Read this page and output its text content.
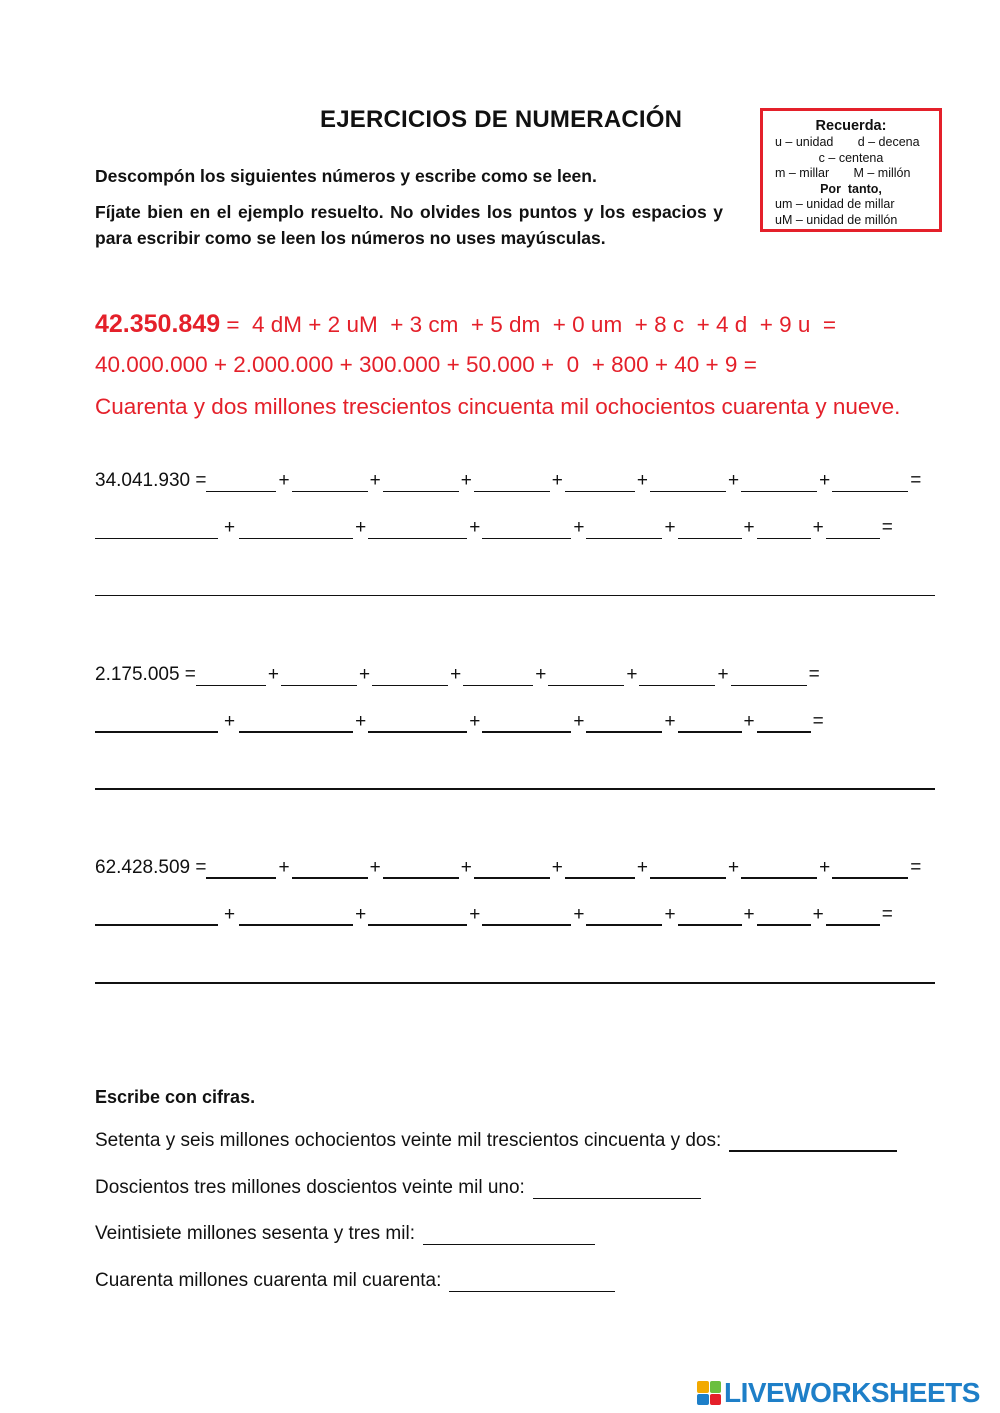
EJERCICIOS DE NUMERACIÓN
Descompón los siguientes números y escribe como se leen.
Fíjate bien en el ejemplo resuelto. No olvides los puntos y los espacios y para escribir como se leen los números no uses mayúsculas.
Recuerda:
u – unidad       d – decena
c – centena
m – millar       M – millón
Por  tanto,
um – unidad de millar
uM – unidad de millón
42.350.849 =  4 dM + 2 uM  + 3 cm  + 5 dm  + 0 um  + 8 c  + 4 d  + 9 u  =
40.000.000 + 2.000.000 + 300.000 + 50.000 +  0  + 800 + 40 + 9 =
Cuarenta y dos millones trescientos cincuenta mil ochocientos cuarenta y nueve.
34.041.930 =	+	+	+	+	+	+	+	=
+	+	+	+	+	+	+	=
2.175.005 =	+	+	+	+	+	+	=
+	+	+	+	+	+	=
62.428.509 =	+	+	+	+	+	+	+	=
+	+	+	+	+	+	+	=
Escribe con cifras.
Setenta y seis millones ochocientos veinte mil trescientos cincuenta y dos:
Doscientos tres millones doscientos veinte mil uno:
Veintisiete millones sesenta y tres mil:
Cuarenta millones cuarenta mil cuarenta:
LIVEWORKSHEETS
